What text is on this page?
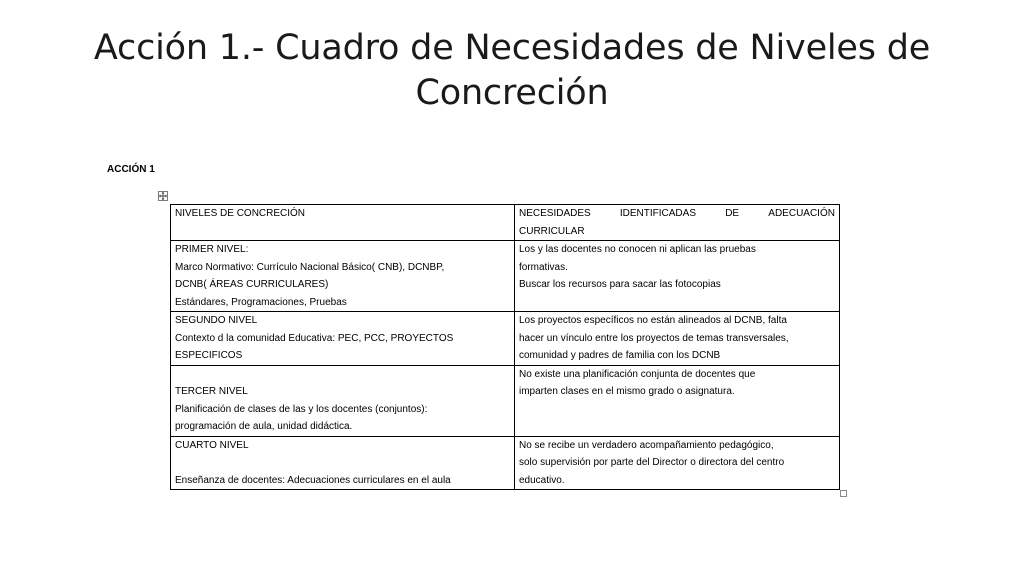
Acción 1.- Cuadro de Necesidades de Niveles de
Concreción
ACCIÓN 1
NIVELES DE CONCRECIÓN	NECESIDADES IDENTIFICADAS DE ADECUACIÓN
CURRICULAR

PRIMER NIVEL:
Marco Normativo: Currículo Nacional Básico( CNB), DCNBP,
DCNB( ÁREAS CURRICULARES)
Estándares, Programaciones, Pruebas	Los y las docentes no conocen ni aplican las pruebas
formativas.
Buscar los recursos para sacar las fotocopias

SEGUNDO NIVEL
Contexto d la comunidad Educativa: PEC, PCC, PROYECTOS
ESPECIFICOS	Los proyectos específicos no están alineados al DCNB, falta
hacer un vínculo entre los proyectos de temas transversales,
comunidad y padres de familia con los DCNB

TERCER NIVEL
Planificación de clases de las y los docentes (conjuntos):
programación de aula, unidad didáctica.	No existe una planificación conjunta de docentes que
imparten clases en el mismo grado o asignatura.

CUARTO NIVEL
Enseñanza de docentes: Adecuaciones curriculares en el aula	No se recibe un verdadero acompañamiento pedagógico,
solo supervisión por parte del Director o directora del centro
educativo.
